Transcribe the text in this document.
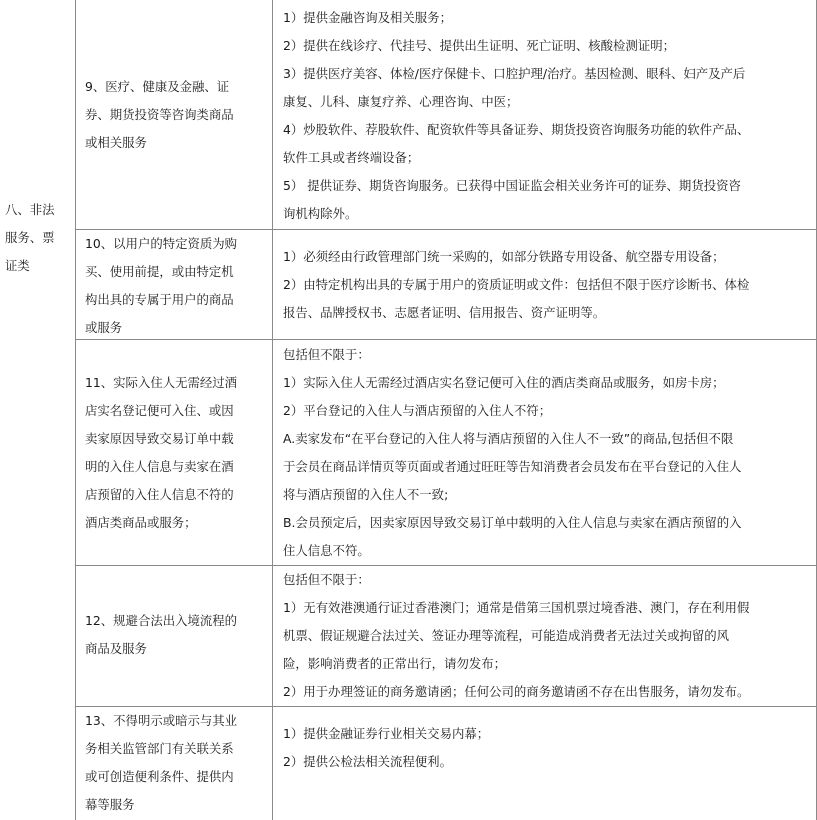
八、非法
服务、票
证类
9、医疗、健康及金融、证
券、期货投资等咨询类商品
或相关服务
1）提供金融咨询及相关服务；
2）提供在线诊疗、代挂号、提供出生证明、死亡证明、核酸检测证明；
3）提供医疗美容、体检/医疗保健卡、口腔护理/治疗。基因检测、眼科、妇产及产后
康复、儿科、康复疗养、心理咨询、中医；
4）炒股软件、荐股软件、配资软件等具备证券、期货投资咨询服务功能的软件产品、
软件工具或者终端设备；
5） 提供证券、期货咨询服务。已获得中国证监会相关业务许可的证券、期货投资咨
询机构除外。
10、以用户的特定资质为购
买、使用前提，或由特定机
构出具的专属于用户的商品
或服务
1）必须经由行政管理部门统一采购的，如部分铁路专用设备、航空器专用设备；
2）由特定机构出具的专属于用户的资质证明或文件：包括但不限于医疗诊断书、体检
报告、品牌授权书、志愿者证明、信用报告、资产证明等。
11、实际入住人无需经过酒
店实名登记便可入住、或因
卖家原因导致交易订单中载
明的入住人信息与卖家在酒
店预留的入住人信息不符的
酒店类商品或服务；
包括但不限于：
1）实际入住人无需经过酒店实名登记便可入住的酒店类商品或服务，如房卡房；
2）平台登记的入住人与酒店预留的入住人不符；
A.卖家发布“在平台登记的入住人将与酒店预留的入住人不一致”的商品,包括但不限
于会员在商品详情页等页面或者通过旺旺等告知消费者会员发布在平台登记的入住人
将与酒店预留的入住人不一致;
B.会员预定后，因卖家原因导致交易订单中载明的入住人信息与卖家在酒店预留的入
住人信息不符。
12、规避合法出入境流程的
商品及服务
包括但不限于：
1）无有效港澳通行证过香港澳门；通常是借第三国机票过境香港、澳门，存在利用假
机票、假证规避合法过关、签证办理等流程，可能造成消费者无法过关或拘留的风
险，影响消费者的正常出行，请勿发布；
2）用于办理签证的商务邀请函；任何公司的商务邀请函不存在出售服务，请勿发布。
13、不得明示或暗示与其业
务相关监管部门有关联关系
或可创造便利条件、提供内
幕等服务
1）提供金融证券行业相关交易内幕；
2）提供公检法相关流程便利。
